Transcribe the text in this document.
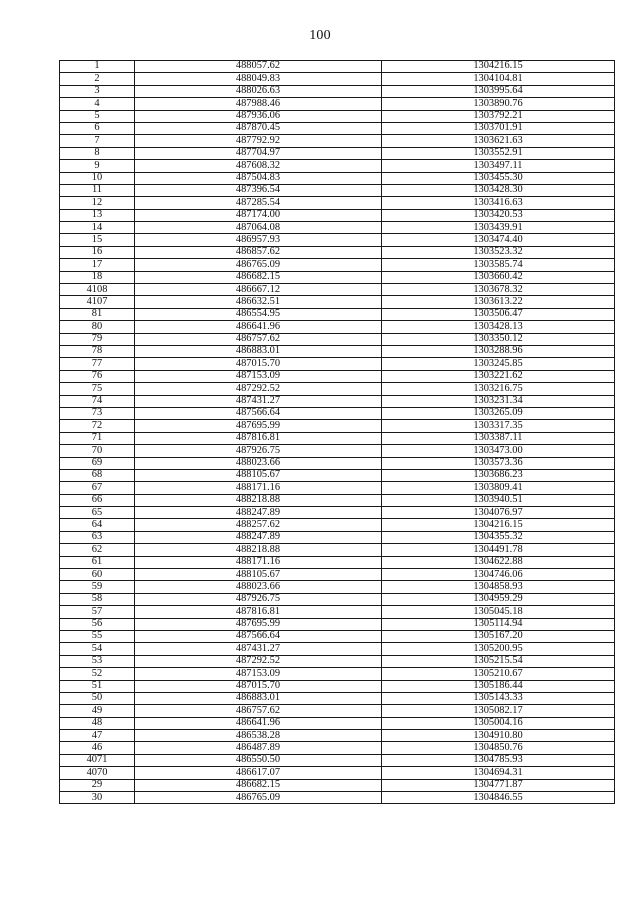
100
1	488057.62	1304216.15
2	488049.83	1304104.81
3	488026.63	1303995.64
4	487988.46	1303890.76
5	487936.06	1303792.21
6	487870.45	1303701.91
7	487792.92	1303621.63
8	487704.97	1303552.91
9	487608.32	1303497.11
10	487504.83	1303455.30
11	487396.54	1303428.30
12	487285.54	1303416.63
13	487174.00	1303420.53
14	487064.08	1303439.91
15	486957.93	1303474.40
16	486857.62	1303523.32
17	486765.09	1303585.74
18	486682.15	1303660.42
4108	486667.12	1303678.32
4107	486632.51	1303613.22
81	486554.95	1303506.47
80	486641.96	1303428.13
79	486757.62	1303350.12
78	486883.01	1303288.96
77	487015.70	1303245.85
76	487153.09	1303221.62
75	487292.52	1303216.75
74	487431.27	1303231.34
73	487566.64	1303265.09
72	487695.99	1303317.35
71	487816.81	1303387.11
70	487926.75	1303473.00
69	488023.66	1303573.36
68	488105.67	1303686.23
67	488171.16	1303809.41
66	488218.88	1303940.51
65	488247.89	1304076.97
64	488257.62	1304216.15
63	488247.89	1304355.32
62	488218.88	1304491.78
61	488171.16	1304622.88
60	488105.67	1304746.06
59	488023.66	1304858.93
58	487926.75	1304959.29
57	487816.81	1305045.18
56	487695.99	1305114.94
55	487566.64	1305167.20
54	487431.27	1305200.95
53	487292.52	1305215.54
52	487153.09	1305210.67
51	487015.70	1305186.44
50	486883.01	1305143.33
49	486757.62	1305082.17
48	486641.96	1305004.16
47	486538.28	1304910.80
46	486487.89	1304850.76
4071	486550.50	1304785.93
4070	486617.07	1304694.31
29	486682.15	1304771.87
30	486765.09	1304846.55
